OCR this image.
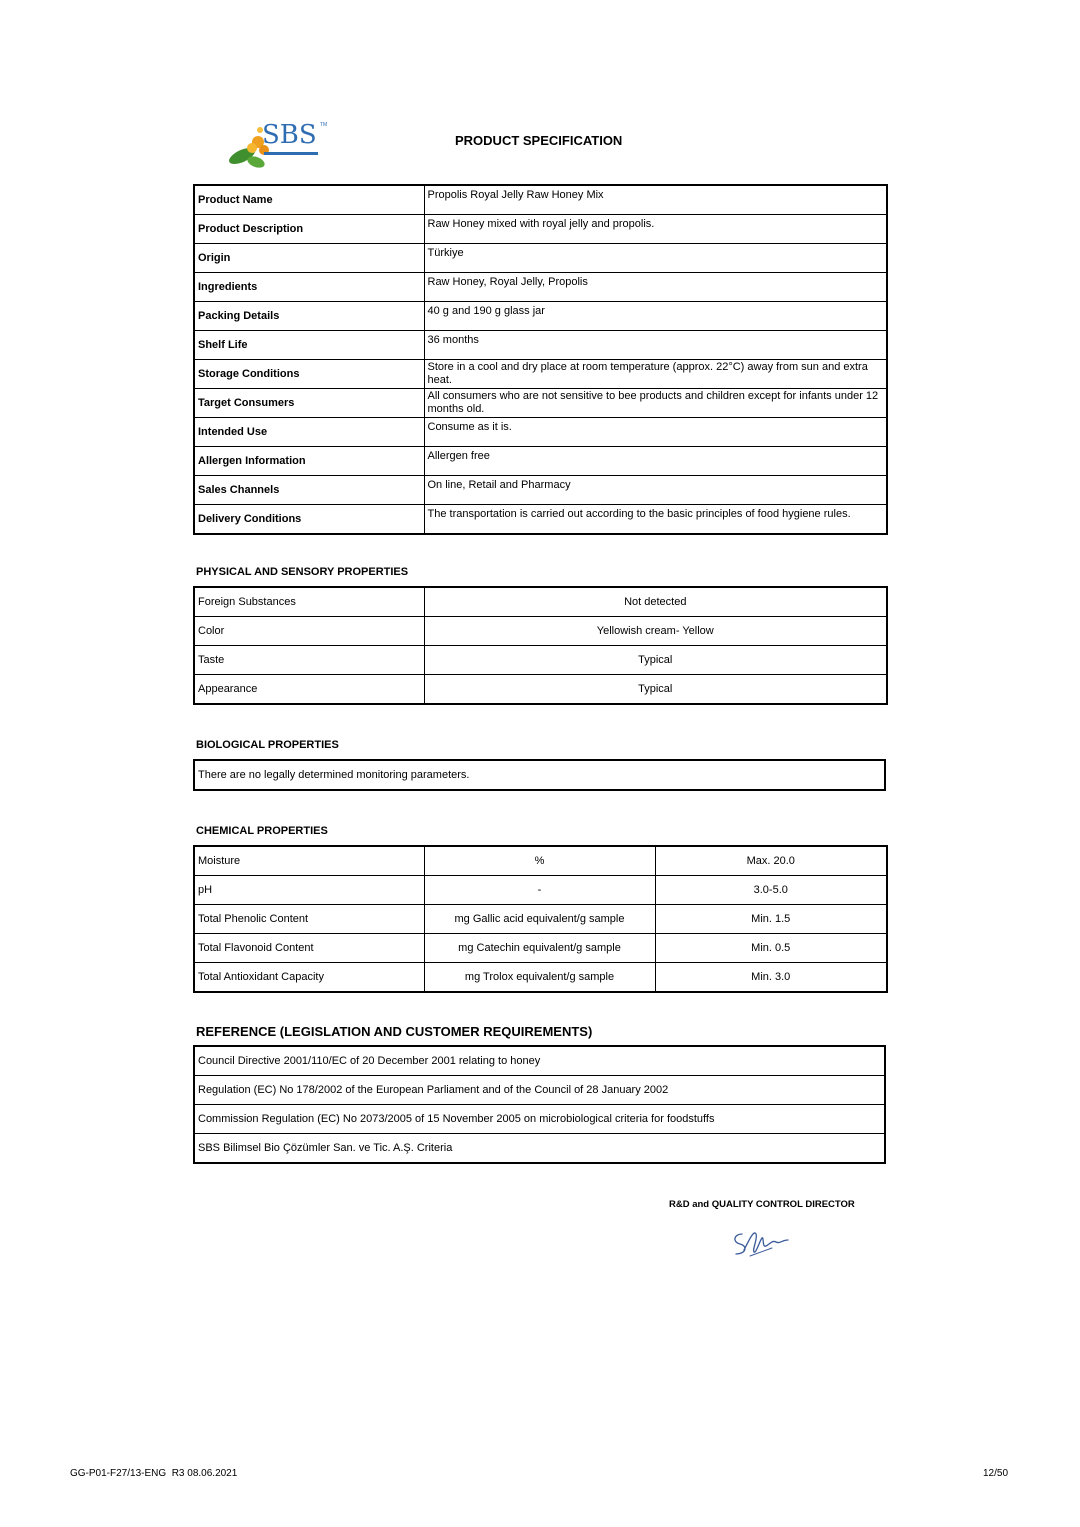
SBS TM
PRODUCT SPECIFICATION
Product Name	Propolis Royal Jelly Raw Honey Mix
Product Description	Raw Honey mixed with royal jelly and propolis.
Origin	Türkiye
Ingredients	Raw Honey, Royal Jelly, Propolis
Packing Details	40 g and 190 g glass jar
Shelf Life	36 months
Storage Conditions	Store in a cool and dry place at room temperature (approx. 22°C) away from sun and extra heat.
Target Consumers	All consumers who are not sensitive to bee products and children except for infants under 12 months old.
Intended Use	Consume as it is.
Allergen Information	Allergen free
Sales Channels	On line, Retail and Pharmacy
Delivery Conditions	The transportation is carried out according to the basic principles of food hygiene rules.
PHYSICAL AND SENSORY PROPERTIES
Foreign Substances	Not detected
Color	Yellowish cream- Yellow
Taste	Typical
Appearance	Typical
BIOLOGICAL PROPERTIES
There are no legally determined monitoring parameters.
CHEMICAL PROPERTIES
Moisture	%	Max. 20.0
pH	-	3.0-5.0
Total Phenolic Content	mg Gallic acid equivalent/g sample	Min. 1.5
Total Flavonoid Content	mg Catechin equivalent/g sample	Min. 0.5
Total Antioxidant Capacity	mg Trolox equivalent/g sample	Min. 3.0
REFERENCE (LEGISLATION AND CUSTOMER REQUIREMENTS)
Council Directive 2001/110/EC of 20 December 2001 relating to honey
Regulation (EC) No 178/2002 of the European Parliament and of the Council of 28 January 2002
Commission Regulation (EC) No 2073/2005 of 15 November 2005 on microbiological criteria for foodstuffs
SBS Bilimsel Bio Çözümler San. ve Tic. A.Ş. Criteria
R&D and QUALITY CONTROL DIRECTOR
GG-P01-F27/13-ENG  R3 08.06.2021	12/50
